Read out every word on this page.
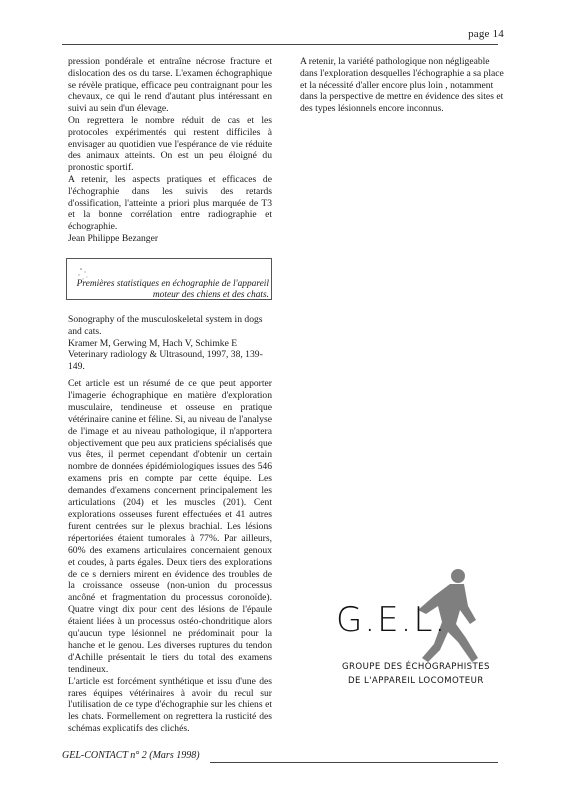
page 14

pression pondérale et entraîne nécrose fracture et dislocation des os du tarse. L'examen échographique se révèle pratique, efficace peu contraignant pour les chevaux, ce qui le rend d'autant plus intéressant en suivi au sein d'un élevage.

On regrettera le nombre réduit de cas et les protocoles expérimentés qui restent difficiles à envisager au quotidien vue l'espérance de vie réduite des animaux atteints. On est un peu éloigné du pronostic sportif.

A retenir, les aspects pratiques et efficaces de l'échographie dans les suivis des retards d'ossification, l'atteinte a priori plus marquée de T3 et la bonne corrélation entre radiographie et échographie.

Jean Philippe Bezanger

Premières statistiques en échographie de l'appareil moteur des chiens et des chats.

Sonography of the musculoskeletal system in dogs and cats.

Kramer M, Gerwing M, Hach V, Schimke E

Veterinary radiology & Ultrasound, 1997, 38, 139-149.

Cet article est un résumé de ce que peut apporter l'imagerie échographique en matière d'exploration musculaire, tendineuse et osseuse en pratique vétérinaire canine et féline. Si, au niveau de l'analyse de l'image et au niveau pathologique, il n'apportera objectivement que peu aux praticiens spécialisés que vus êtes, il permet cependant d'obtenir un certain nombre de données épidémiologiques issues des 546 examens pris en compte par cette équipe. Les demandes d'examens concernent principalement les articulations (204) et les muscles (201). Cent explorations osseuses furent effectuées et 41 autres furent centrées sur le plexus brachial. Les lésions répertoriées étaient tumorales à 77%. Par ailleurs, 60% des examens articulaires concernaient genoux et coudes, à parts égales. Deux tiers des explorations de ce s derniers mirent en évidence des troubles de la croissance osseuse (non-union du processus ancôné et fragmentation du processus coronoïde). Quatre vingt dix pour cent des lésions de l'épaule étaient liées à un processus ostéo-chondritique alors qu'aucun type lésionnel ne prédominait pour la hanche et le genou. Les diverses ruptures du tendon d'Achille présentait le tiers du total des examens tendineux.

L'article est forcément synthétique et issu d'une des rares équipes vétérinaires à avoir du recul sur l'utilisation de ce type d'échographie sur les chiens et les chats. Formellement on regrettera la rusticité des schémas explicatifs des clichés.

A retenir, la variété pathologique non négligeable dans l'exploration desquelles l'échographie a sa place et la nécessité d'aller encore plus loin , notamment dans la perspective de mettre en évidence des sites et des types lésionnels encore inconnus.

G.E.L.
GROUPE DES ÉCHOGRAPHISTES
DE L'APPAREIL LOCOMOTEUR
GEL-CONTACT n° 2 (Mars 1998)
